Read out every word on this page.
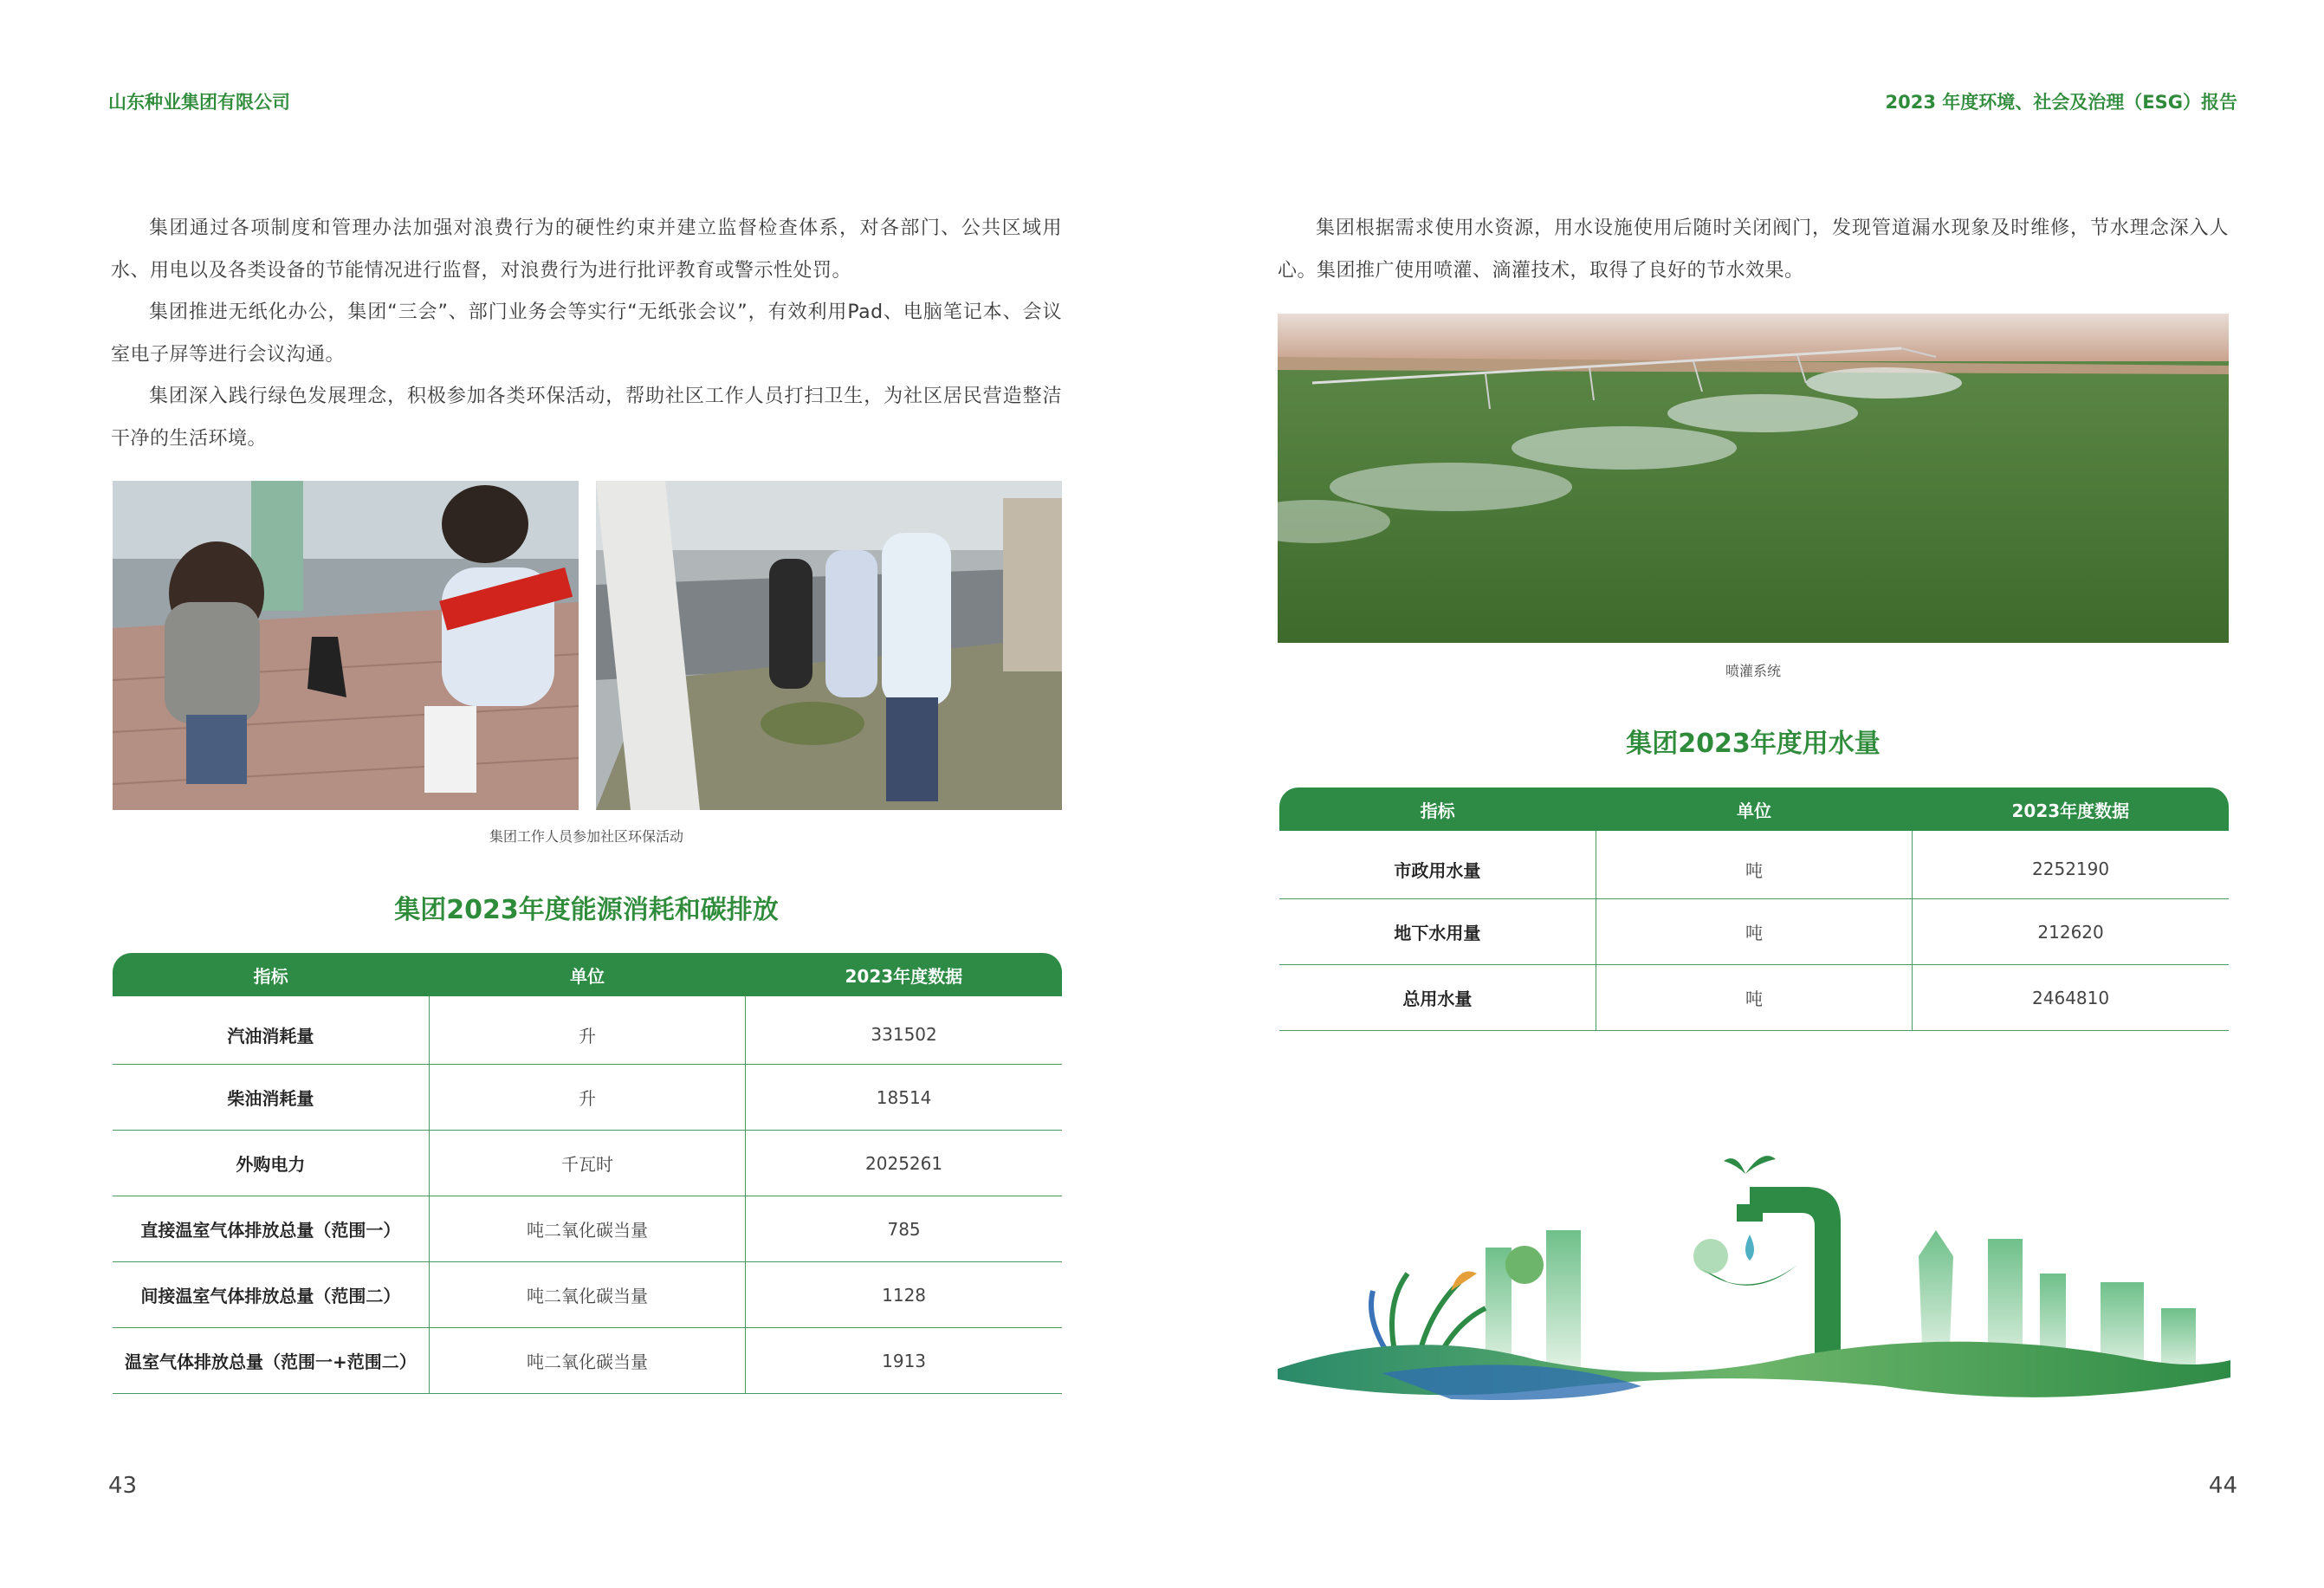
山东种业集团有限公司	2023 年度环境、社会及治理（ESG）报告

集团通过各项制度和管理办法加强对浪费行为的硬性约束并建立监督检查体系，对各部门、公共区域用水、用电以及各类设备的节能情况进行监督，对浪费行为进行批评教育或警示性处罚。

集团推进无纸化办公，集团“三会”、部门业务会等实行“无纸张会议”，有效利用Pad、电脑笔记本、会议室电子屏等进行会议沟通。

集团深入践行绿色发展理念，积极参加各类环保活动，帮助社区工作人员打扫卫生，为社区居民营造整洁干净的生活环境。

集团工作人员参加社区环保活动
集团2023年度能源消耗和碳排放
指标	单位	2023年度数据
汽油消耗量	升	331502
柴油消耗量	升	18514
外购电力	千瓦时	2025261
直接温室气体排放总量（范围一）	吨二氧化碳当量	785
间接温室气体排放总量（范围二）	吨二氧化碳当量	1128
温室气体排放总量（范围一+范围二）	吨二氧化碳当量	1913
43

集团根据需求使用水资源，用水设施使用后随时关闭阀门，发现管道漏水现象及时维修，节水理念深入人心。集团推广使用喷灌、滴灌技术，取得了良好的节水效果。

喷灌系统
集团2023年度用水量
指标	单位	2023年度数据
市政用水量	吨	2252190
地下水用量	吨	212620
总用水量	吨	2464810
44
